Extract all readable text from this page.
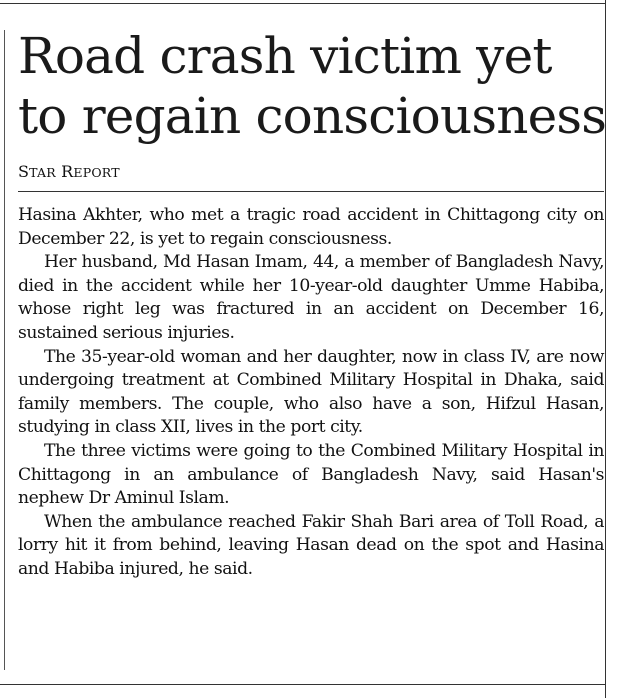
Road crash victim yet to regain consciousness
STAR REPORT

Hasina Akhter, who met a tragic road accident in Chittagong city on December 22, is yet to regain consciousness.

Her husband, Md Hasan Imam, 44, a member of Bangladesh Navy, died in the accident while her 10-year-old daughter Umme Habiba, whose right leg was fractured in an accident on December 16, sustained serious injuries.

The 35-year-old woman and her daughter, now in class IV, are now undergoing treatment at Combined Military Hospital in Dhaka, said family members. The couple, who also have a son, Hifzul Hasan, studying in class XII, lives in the port city.

The three victims were going to the Combined Military Hospital in Chittagong in an ambulance of Bangladesh Navy, said Hasan's nephew Dr Aminul Islam.

When the ambulance reached Fakir Shah Bari area of Toll Road, a lorry hit it from behind, leaving Hasan dead on the spot and Hasina and Habiba injured, he said.
